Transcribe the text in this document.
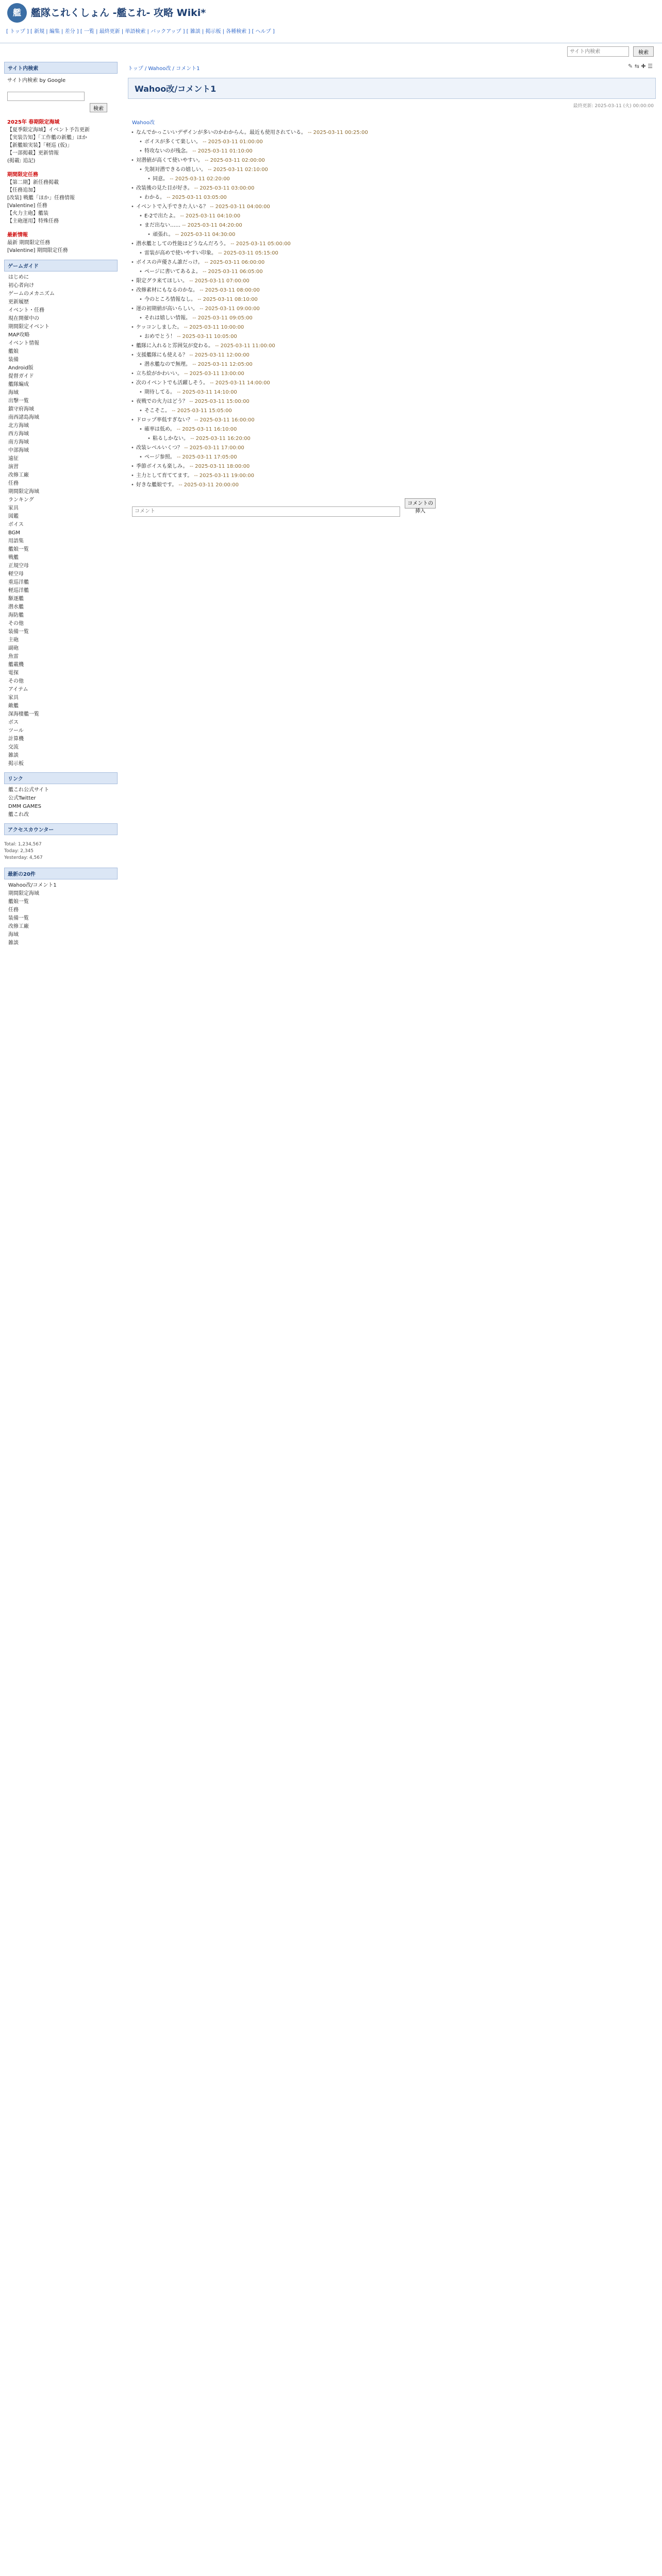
艦	艦隊これくしょん -艦これ- 攻略 Wiki*
[ トップ ] [ 新規 | 編集 | 差分 ] [ 一覧 | 最終更新 | 単語検索 | バックアップ ] [ 雑談 | 掲示板 | 各種検索 ] [ ヘルプ ]
サイト内検索
検索
サイト内検索
サイト内検索 by Google
検索
2025年 春期限定海域
【夏季限定海域】イベント予告更新
【実装告知】「工作艦の新艦」ほか
【新艦娘実装】「軽巡 (仮)」
【一部掲載】更新情報
(掲載: 追記)
期間限定任務
【第二期】新任務掲載
【任務追加】
[改装] 戦艦「ほか」任務情報
[Valentine] 任務
【火力主砲】艦装
【主砲運用】特殊任務
最新情報
最新 期間限定任務
[Valentine] 期間限定任務
ゲームガイド
はじめに
初心者向け
ゲームのメカニズム
更新履歴
イベント・任務
現在開催中の
期間限定イベント
MAP攻略
イベント情報
艦娘
装備
Android版
提督ガイド
艦隊編成
海域
出撃一覧
鎮守府海域
南西諸島海域
北方海域
西方海域
南方海域
中部海域
遠征
演習
改修工廠
任務
期間限定海域
ランキング
家具
図鑑
ボイス
BGM
用語集
艦娘一覧
戦艦
正規空母
軽空母
重巡洋艦
軽巡洋艦
駆逐艦
潜水艦
海防艦
その他
装備一覧
主砲
副砲
魚雷
艦載機
電探
その他
アイテム
家具
敵艦
深海棲艦一覧
ボス
ツール
計算機
交流
雑談
掲示板
リンク
艦これ公式サイト
公式Twitter
DMM GAMES
艦これ改
アクセスカウンター
Total: 1,234,567
Today: 2,345
Yesterday: 4,567
最新の20件
Wahoo改/コメント1
期間限定海域
艦娘一覧
任務
装備一覧
改修工廠
海域
雑談
トップ / Wahoo改 / コメント1
Wahoo改/コメント1
最終更新: 2025-03-11 (火) 00:00:00
✎ ⇆ ✚ ☰
Wahoo改
• なんでかっこいいデザインが多いのかわからん。最近も使用されている。 -- 2025-03-11 00:25:00
• ボイスが多くて楽しい。 -- 2025-03-11 01:00:00
• 特攻ないのが残念。 -- 2025-03-11 01:10:00
• 対潜値が高くて使いやすい。 -- 2025-03-11 02:00:00
• 先制対潜できるの嬉しい。 -- 2025-03-11 02:10:00
• 同意。 -- 2025-03-11 02:20:00
• 改装後の見た目が好き。 -- 2025-03-11 03:00:00
• わかる。 -- 2025-03-11 03:05:00
• イベントで入手できた人いる？ -- 2025-03-11 04:00:00
• E-2で出たよ。 -- 2025-03-11 04:10:00
• まだ出ない…… -- 2025-03-11 04:20:00
• 頑張れ。 -- 2025-03-11 04:30:00
• 潜水艦としての性能はどうなんだろう。 -- 2025-03-11 05:00:00
• 雷装が高めで使いやすい印象。 -- 2025-03-11 05:15:00
• ボイスの声優さん誰だっけ。 -- 2025-03-11 06:00:00
• ページに書いてあるよ。 -- 2025-03-11 06:05:00
• 限定グラ来てほしい。 -- 2025-03-11 07:00:00
• 改修素材にもなるのかな。 -- 2025-03-11 08:00:00
• 今のところ情報なし。 -- 2025-03-11 08:10:00
• 運の初期値が高いらしい。 -- 2025-03-11 09:00:00
• それは嬉しい情報。 -- 2025-03-11 09:05:00
• ケッコンしました。 -- 2025-03-11 10:00:00
• おめでとう！ -- 2025-03-11 10:05:00
• 艦隊に入れると雰囲気が変わる。 -- 2025-03-11 11:00:00
• 支援艦隊にも使える？ -- 2025-03-11 12:00:00
• 潜水艦なので無理。 -- 2025-03-11 12:05:00
• 立ち絵がかわいい。 -- 2025-03-11 13:00:00
• 次のイベントでも活躍しそう。 -- 2025-03-11 14:00:00
• 期待してる。 -- 2025-03-11 14:10:00
• 夜戦での火力はどう？ -- 2025-03-11 15:00:00
• そこそこ。 -- 2025-03-11 15:05:00
• ドロップ率低すぎない？ -- 2025-03-11 16:00:00
• 確率は低め。 -- 2025-03-11 16:10:00
• 粘るしかない。 -- 2025-03-11 16:20:00
• 改装レベルいくつ？ -- 2025-03-11 17:00:00
• ページ参照。 -- 2025-03-11 17:05:00
• 季節ボイスも楽しみ。 -- 2025-03-11 18:00:00
• 主力として育ててます。 -- 2025-03-11 19:00:00
• 好きな艦娘です。 -- 2025-03-11 20:00:00
コメント コメントの挿入
